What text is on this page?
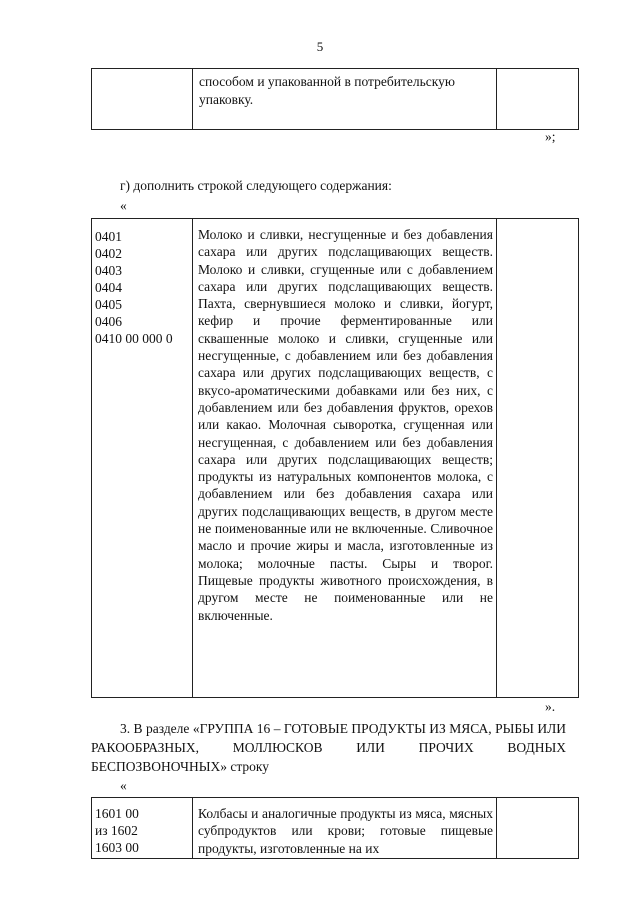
5

способом и упакованной в потребительскую
упаковку.

»;
г) дополнить строкой следующего содержания:
«
0401
0402
0403
0404
0405
0406
0410 00 000 0

Молоко и сливки, несгущенные и без добавления сахара или других подслащивающих веществ. Молоко и сливки, сгущенные или с добавлением сахара или других подслащивающих веществ. Пахта, свернувшиеся молоко и сливки, йогурт, кефир и прочие ферментированные или сквашенные молоко и сливки, сгущенные или несгущенные, с добавлением или без добавления сахара или других подслащивающих веществ, с вкусо-ароматическими добавками или без них, с добавлением или без добавления фруктов, орехов или какао. Молочная сыворотка, сгущенная или несгущенная, с добавлением или без добавления сахара или других подслащивающих веществ; продукты из натуральных компонентов молока, с добавлением или без добавления сахара или других подслащивающих веществ, в другом месте не поименованные или не включенные. Сливочное масло и прочие жиры и масла, изготовленные из молока; молочные пасты. Сыры и творог. Пищевые продукты животного происхождения, в другом месте не поименованные или не включенные.

».
3. В разделе «ГРУППА 16 – ГОТОВЫЕ ПРОДУКТЫ ИЗ МЯСА, РЫБЫ ИЛИ РАКООБРАЗНЫХ, МОЛЛЮСКОВ ИЛИ ПРОЧИХ ВОДНЫХ БЕСПОЗВОНОЧНЫХ» строку
«
1601 00
из 1602
1603 00

Колбасы и аналогичные продукты из мяса, мясных субпродуктов или крови; готовые пищевые продукты, изготовленные на их
